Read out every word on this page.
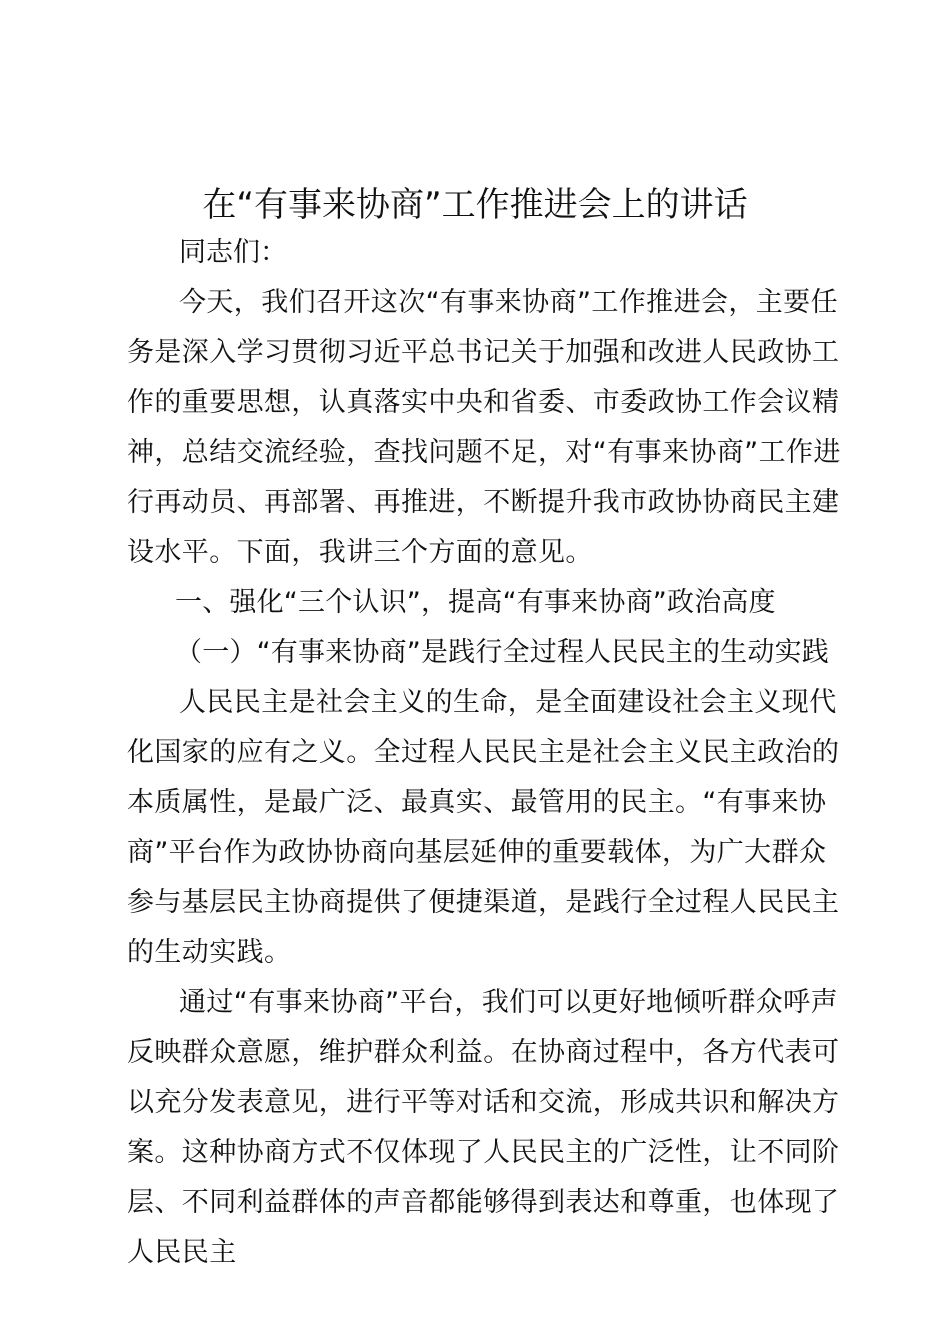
在“有事来协商”工作推进会上的讲话

同志们：

今天，我们召开这次“有事来协商”工作推进会，主要任务是深入学习贯彻习近平总书记关于加强和改进人民政协工作的重要思想，认真落实中央和省委、市委政协工作会议精神，总结交流经验，查找问题不足，对“有事来协商”工作进行再动员、再部署、再推进，不断提升我市政协协商民主建设水平。下面，我讲三个方面的意见。

一、强化“三个认识”，提高“有事来协商”政治高度

（一）“有事来协商”是践行全过程人民民主的生动实践

人民民主是社会主义的生命，是全面建设社会主义现代化国家的应有之义。全过程人民民主是社会主义民主政治的本质属性，是最广泛、最真实、最管用的民主。“有事来协商”平台作为政协协商向基层延伸的重要载体，为广大群众参与基层民主协商提供了便捷渠道，是践行全过程人民民主的生动实践。

通过“有事来协商”平台，我们可以更好地倾听群众呼声反映群众意愿，维护群众利益。在协商过程中，各方代表可以充分发表意见，进行平等对话和交流，形成共识和解决方案。这种协商方式不仅体现了人民民主的广泛性，让不同阶层、不同利益群体的声音都能够得到表达和尊重，也体现了人民民主
